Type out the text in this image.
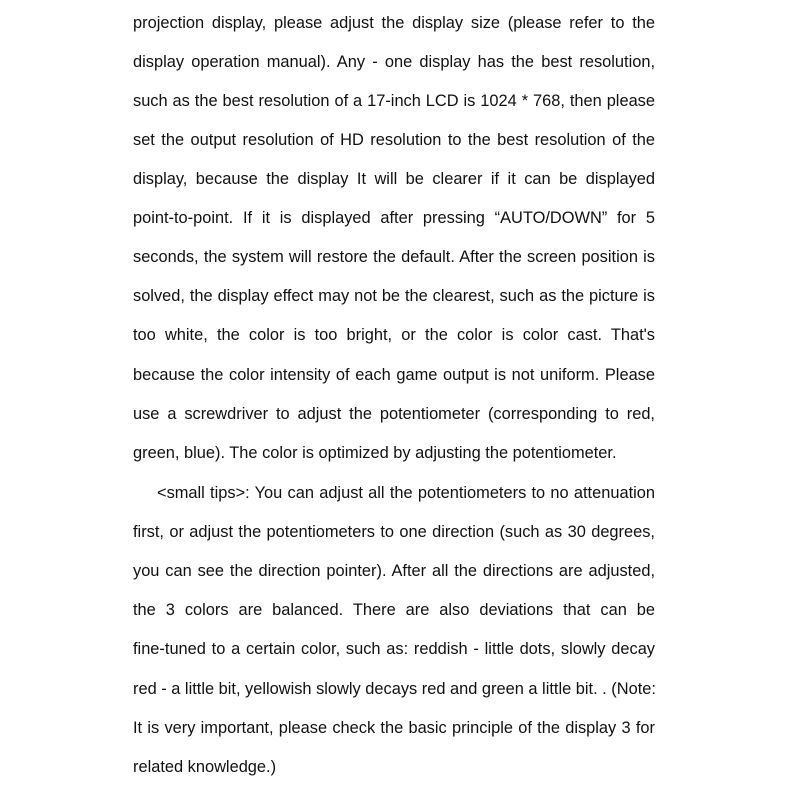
projection display, please adjust the display size (please refer to the
display operation manual). Any - one display has the best resolution,
such as the best resolution of a 17-inch LCD is 1024 * 768, then please
set the output resolution of HD resolution to the best resolution of the
display, because the display It will be clearer if it can be displayed
point-to-point. If it is displayed after pressing “AUTO/DOWN” for 5
seconds, the system will restore the default. After the screen position is
solved, the display effect may not be the clearest, such as the picture is
too white, the color is too bright, or the color is color cast. That's
because the color intensity of each game output is not uniform. Please
use a screwdriver to adjust the potentiometer (corresponding to red,
green, blue). The color is optimized by adjusting the potentiometer.
<small tips>: You can adjust all the potentiometers to no attenuation
first, or adjust the potentiometers to one direction (such as 30 degrees,
you can see the direction pointer). After all the directions are adjusted,
the 3 colors are balanced. There are also deviations that can be
fine-tuned to a certain color, such as: reddish - little dots, slowly decay
red - a little bit, yellowish slowly decays red and green a little bit. . (Note:
It is very important, please check the basic principle of the display 3 for
related knowledge.)
